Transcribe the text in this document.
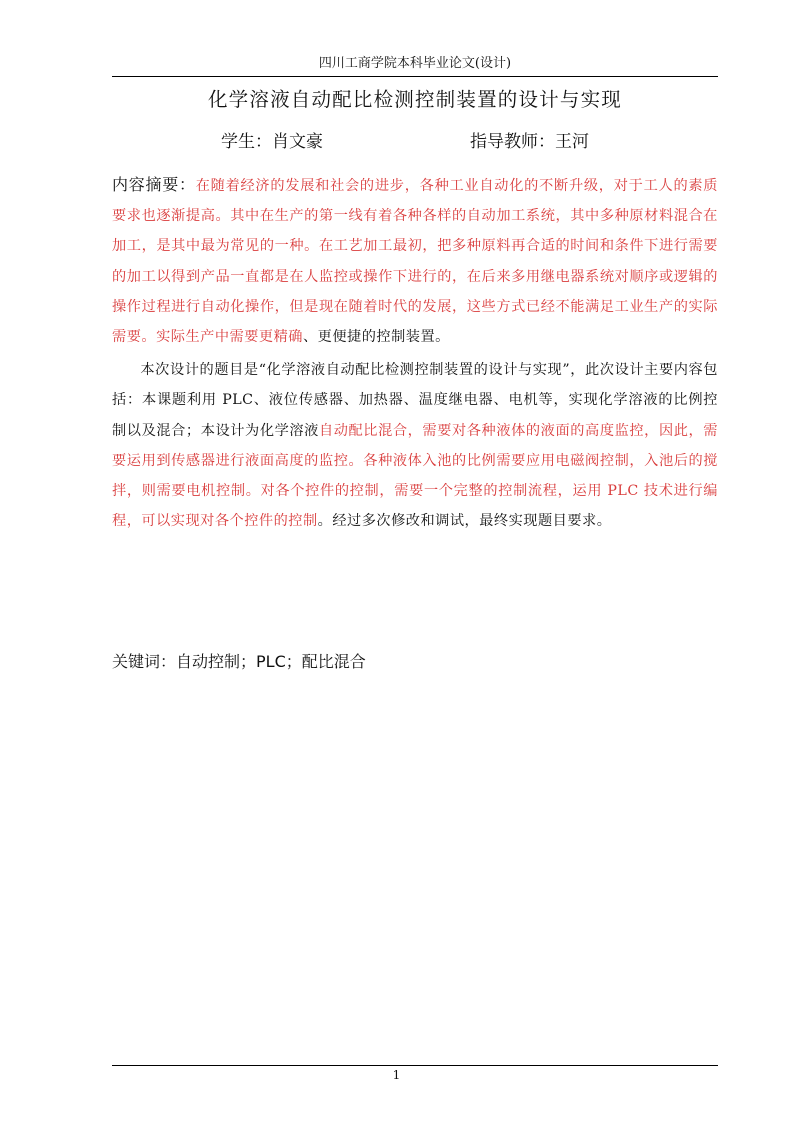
四川工商学院本科毕业论文(设计)
化学溶液自动配比检测控制装置的设计与实现
学生：肖文豪	指导教师：王河

内容摘要：在随着经济的发展和社会的进步，各种工业自动化的不断升级，对于工人的素质要求也逐渐提高。其中在生产的第一线有着各种各样的自动加工系统，其中多种原材料混合在加工，是其中最为常见的一种。在工艺加工最初，把多种原料再合适的时间和条件下进行需要的加工以得到产品一直都是在人监控或操作下进行的，在后来多用继电器系统对顺序或逻辑的操作过程进行自动化操作，但是现在随着时代的发展，这些方式已经不能满足工业生产的实际需要。实际生产中需要更精确、更便捷的控制装置。

本次设计的题目是“化学溶液自动配比检测控制装置的设计与实现”，此次设计主要内容包括：本课题利用 PLC、液位传感器、加热器、温度继电器、电机等，实现化学溶液的比例控制以及混合；本设计为化学溶液自动配比混合，需要对各种液体的液面的高度监控，因此，需要运用到传感器进行液面高度的监控。各种液体入池的比例需要应用电磁阀控制，入池后的搅拌，则需要电机控制。对各个控件的控制，需要一个完整的控制流程，运用 PLC 技术进行编程，可以实现对各个控件的控制。经过多次修改和调试，最终实现题目要求。

关键词：自动控制；PLC；配比混合
1
